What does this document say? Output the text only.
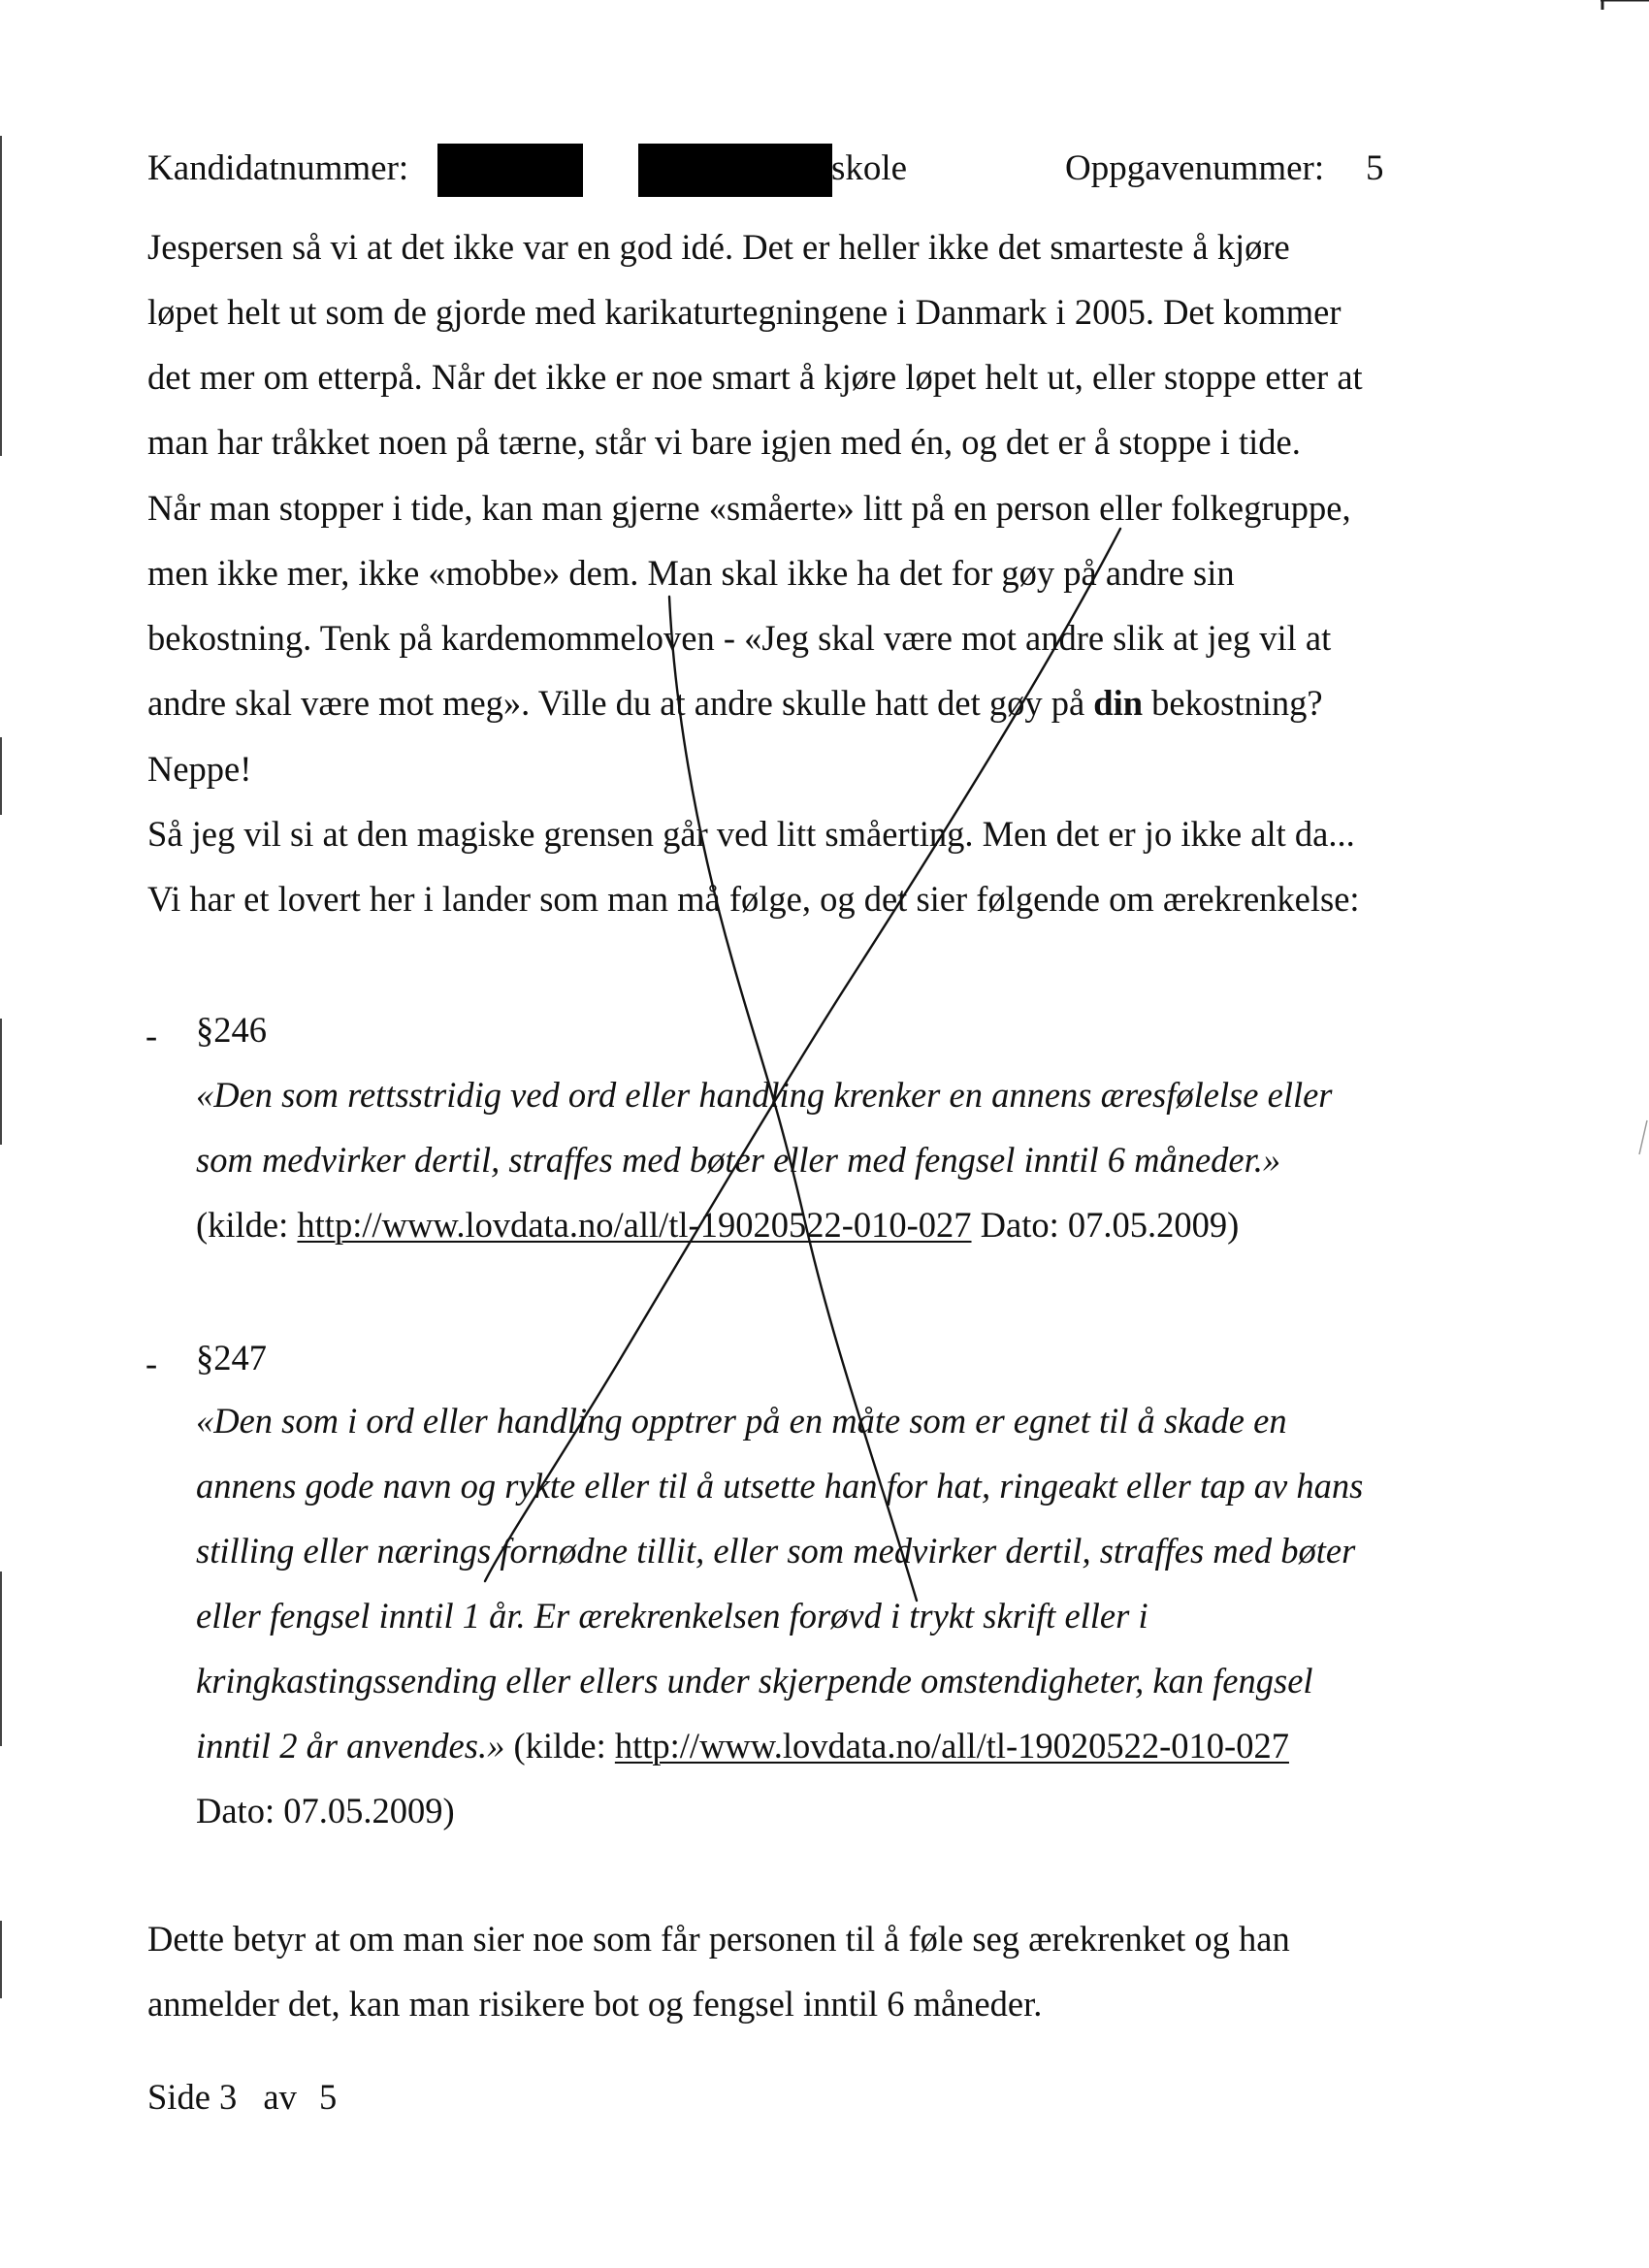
Kandidatnummer:	skole	Oppgavenummer: 5
Jespersen så vi at det ikke var en god idé. Det er heller ikke det smarteste å kjøre
løpet helt ut som de gjorde med karikaturtegningene i Danmark i 2005. Det kommer
det mer om etterpå. Når det ikke er noe smart å kjøre løpet helt ut, eller stoppe etter at
man har tråkket noen på tærne, står vi bare igjen med én, og det er å stoppe i tide.
Når man stopper i tide, kan man gjerne «småerte» litt på en person eller folkegruppe,
men ikke mer, ikke «mobbe» dem. Man skal ikke ha det for gøy på andre sin
bekostning. Tenk på kardemommeloven - «Jeg skal være mot andre slik at jeg vil at
andre skal være mot meg». Ville du at andre skulle hatt det gøy på din bekostning?
Neppe!
Så jeg vil si at den magiske grensen går ved litt småerting. Men det er jo ikke alt da...
Vi har et lovert her i lander som man må følge, og det sier følgende om ærekrenkelse:
- §246
«Den som rettsstridig ved ord eller handling krenker en annens æresfølelse eller
som medvirker dertil, straffes med bøter eller med fengsel inntil 6 måneder.»
(kilde: http://www.lovdata.no/all/tl-19020522-010-027 Dato: 07.05.2009)
- §247
«Den som i ord eller handling opptrer på en måte som er egnet til å skade en
annens gode navn og rykte eller til å utsette han for hat, ringeakt eller tap av hans
stilling eller nærings fornødne tillit, eller som medvirker dertil, straffes med bøter
eller fengsel inntil 1 år. Er ærekrenkelsen forøvd i trykt skrift eller i
kringkastingssending eller ellers under skjerpende omstendigheter, kan fengsel
inntil 2 år anvendes.» (kilde: http://www.lovdata.no/all/tl-19020522-010-027
Dato: 07.05.2009)
Dette betyr at om man sier noe som får personen til å føle seg ærekrenket og han
anmelder det, kan man risikere bot og fengsel inntil 6 måneder.
Side 3 av 5
